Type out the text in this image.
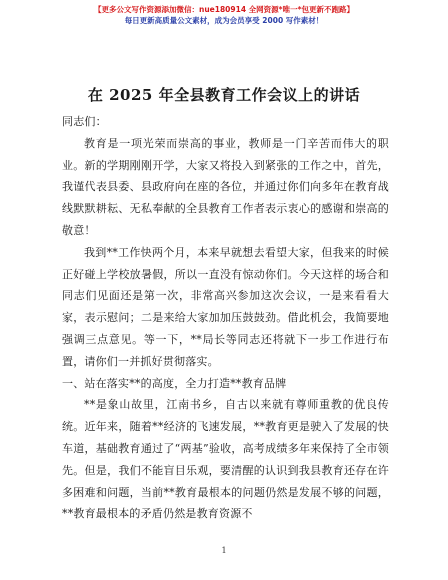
【更多公文写作资源添加微信：nue180914 全网资源*唯一*包更新不跑路】
每日更新高质量公文素材，成为会员享受 2000 写作素材！
在 2025 年全县教育工作会议上的讲话

同志们：

教育是一项光荣而崇高的事业，教师是一门辛苦而伟大的职业。新的学期刚刚开学，大家又将投入到紧张的工作之中，首先，我谨代表县委、县政府向在座的各位，并通过你们向多年在教育战线默默耕耘、无私奉献的全县教育工作者表示衷心的感谢和崇高的敬意！

我到**工作快两个月，本来早就想去看望大家，但我来的时候正好碰上学校放暑假，所以一直没有惊动你们。今天这样的场合和同志们见面还是第一次，非常高兴参加这次会议，一是来看看大家，表示慰问；二是来给大家加加压鼓鼓劲。借此机会，我简要地强调三点意见。等一下，**局长等同志还将就下一步工作进行布置，请你们一并抓好贯彻落实。

一、站在落实**的高度，全力打造**教育品牌

**是象山故里，江南书乡，自古以来就有尊师重教的优良传统。近年来，随着**经济的飞速发展，**教育更是驶入了发展的快车道，基础教育通过了“两基”验收，高考成绩多年来保持了全市领先。但是，我们不能盲目乐观，要清醒的认识到我县教育还存在许多困难和问题，当前**教育最根本的问题仍然是发展不够的问题，**教育最根本的矛盾仍然是教育资源不

1
